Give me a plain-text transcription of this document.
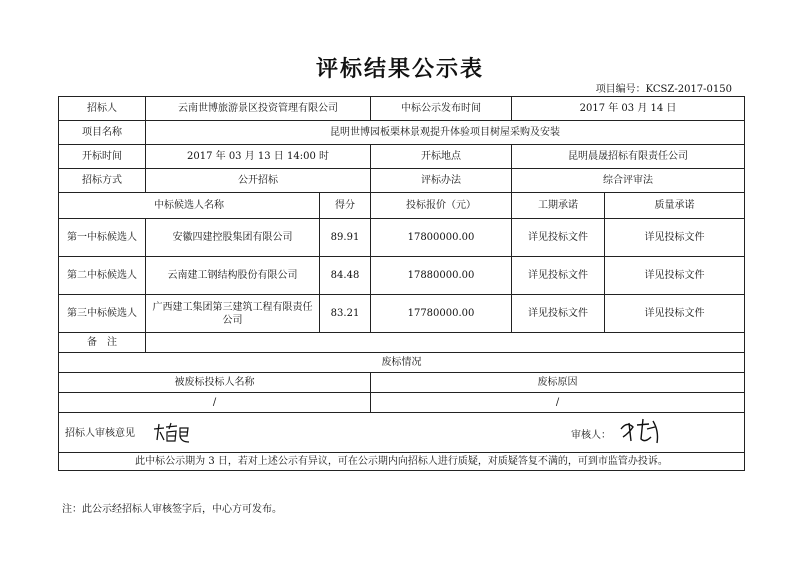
评标结果公示表
项目编号：KCSZ-2017-0150
招标人	云南世博旅游景区投资管理有限公司		中标公示发布时间	2017 年 03 月 14 日	
项目名称	昆明世博园板栗林景观提升体验项目树屋采购及安装				
开标时间	2017 年 03 月 13 日 14:00 时		开标地点	昆明晨晟招标有限责任公司	
招标方式	公开招标		评标办法	综合评审法	
中标候选人名称		得分	投标报价（元）	工期承诺	质量承诺
第一中标候选人	安徽四建控股集团有限公司	89.91	17800000.00	详见投标文件	详见投标文件
第二中标候选人	云南建工钢结构股份有限公司	84.48	17880000.00	详见投标文件	详见投标文件
第三中标候选人	广西建工集团第三建筑工程有限责任公司	83.21	17780000.00	详见投标文件	详见投标文件
备　注					
废标情况					
被废标投标人名称			废标原因		
/			/		

招标人审核意见 审核人：					

此中标公示期为 3 日，若对上述公示有异议，可在公示期内向招标人进行质疑，对质疑答复不满的，可到市监管办投诉。					
注：此公示经招标人审核签字后，中心方可发布。
